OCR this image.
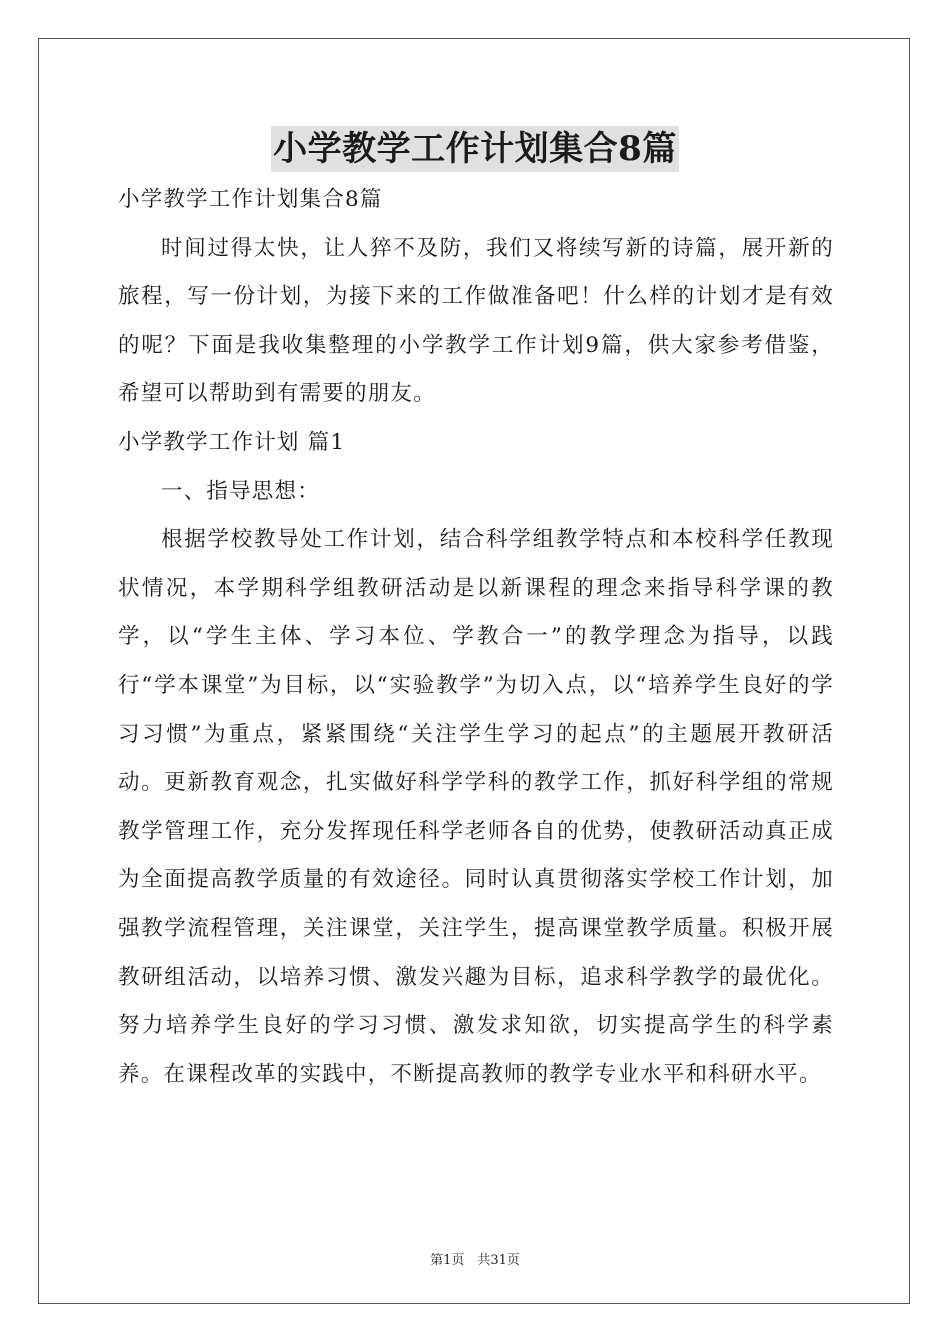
小学教学工作计划集合8篇

小学教学工作计划集合8篇

时间过得太快，让人猝不及防，我们又将续写新的诗篇，展开新的旅程，写一份计划，为接下来的工作做准备吧！什么样的计划才是有效的呢？下面是我收集整理的小学教学工作计划9篇，供大家参考借鉴，希望可以帮助到有需要的朋友。

小学教学工作计划 篇1

一、指导思想：

根据学校教导处工作计划，结合科学组教学特点和本校科学任教现状情况，本学期科学组教研活动是以新课程的理念来指导科学课的教学，以“学生主体、学习本位、学教合一”的教学理念为指导，以践行“学本课堂”为目标，以“实验教学”为切入点，以“培养学生良好的学习习惯”为重点，紧紧围绕“关注学生学习的起点”的主题展开教研活动。更新教育观念，扎实做好科学学科的教学工作，抓好科学组的常规教学管理工作，充分发挥现任科学老师各自的优势，使教研活动真正成为全面提高教学质量的有效途径。同时认真贯彻落实学校工作计划，加强教学流程管理，关注课堂，关注学生，提高课堂教学质量。积极开展教研组活动，以培养习惯、激发兴趣为目标，追求科学教学的最优化。努力培养学生良好的学习习惯、激发求知欲，切实提高学生的科学素养。在课程改革的实践中，不断提高教师的教学专业水平和科研水平。

第1页　共31页
